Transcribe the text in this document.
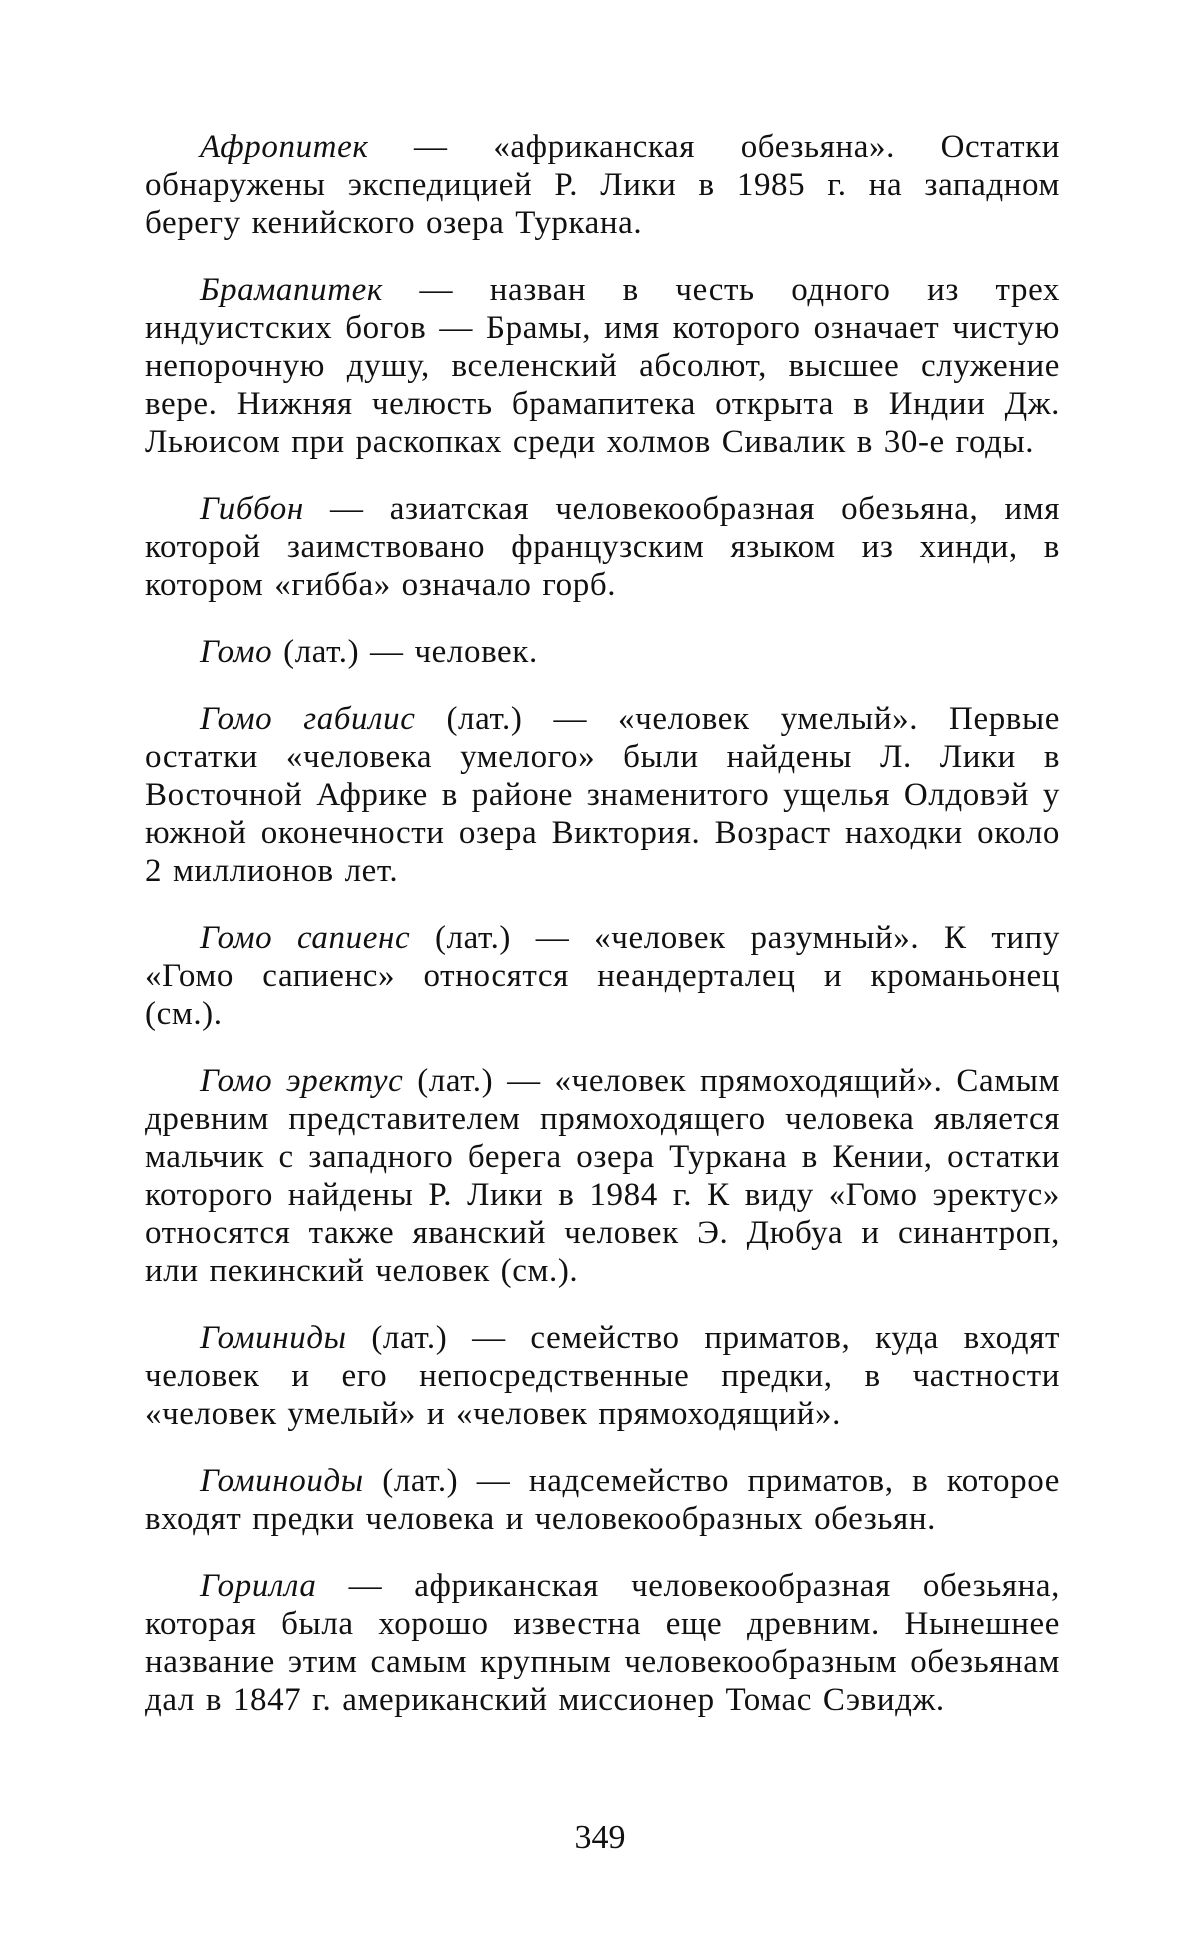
Афропитек — «африканская обезьяна». Остатки обнаружены экспедицией Р. Лики в 1985 г. на западном берегу кенийского озера Туркана.

Брамапитек — назван в честь одного из трех индуистских богов — Брамы, имя которого означает чистую непорочную душу, вселенский абсолют, высшее служение вере. Нижняя челюсть брамапитека открыта в Индии Дж. Льюисом при раскопках среди холмов Сивалик в 30-е годы.

Гиббон — азиатская человекообразная обезьяна, имя которой заимствовано французским языком из хинди, в котором «гибба» означало горб.

Гомо (лат.) — человек.

Гомо габилис (лат.) — «человек умелый». Первые остатки «человека умелого» были найдены Л. Лики в Восточной Африке в районе знаменитого ущелья Олдовэй у южной оконечности озера Виктория. Возраст находки около 2 миллионов лет.

Гомо сапиенс (лат.) — «человек разумный». К типу «Гомо сапиенс» относятся неандерталец и кроманьонец (см.).

Гомо эректус (лат.) — «человек прямоходящий». Самым древним представителем прямоходящего человека является мальчик с западного берега озера Туркана в Кении, остатки которого найдены Р. Лики в 1984 г. К виду «Гомо эректус» относятся также яванский человек Э. Дюбуа и синантроп, или пекинский человек (см.).

Гоминиды (лат.) — семейство приматов, куда входят человек и его непосредственные предки, в частности «человек умелый» и «человек прямоходящий».

Гоминоиды (лат.) — надсемейство приматов, в которое входят предки человека и человекообразных обезьян.

Горилла — африканская человекообразная обезьяна, которая была хорошо известна еще древним. Нынешнее название этим самым крупным человекообразным обезьянам дал в 1847 г. американский миссионер Томас Сэвидж.

349
